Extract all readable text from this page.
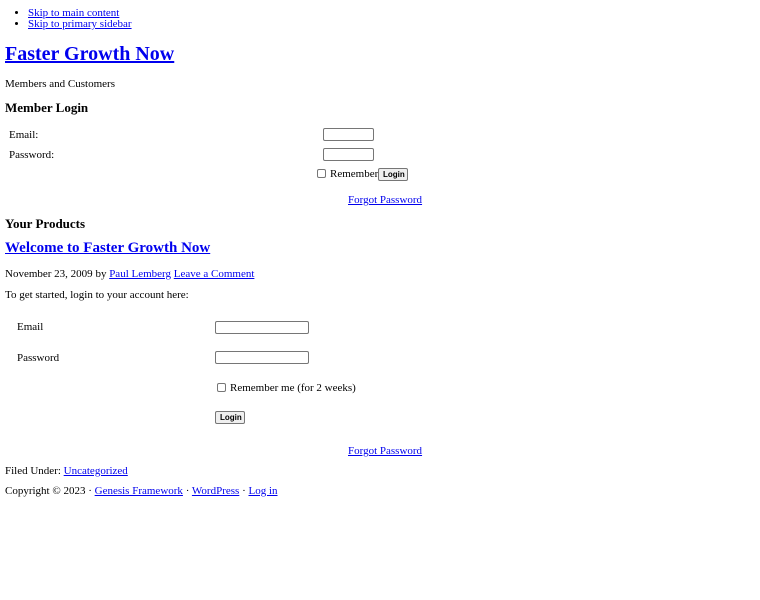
• Skip to main content
• Skip to primary sidebar
Faster Growth Now
Members and Customers
Member Login
Email:
Password:
Remember Login
Forgot Password
Your Products
Welcome to Faster Growth Now
November 23, 2009 by Paul Lemberg Leave a Comment
To get started, login to your account here:
Email
Password
Remember me (for 2 weeks)
Login
Forgot Password
Filed Under: Uncategorized
Copyright © 2023 · Genesis Framework · WordPress · Log in
